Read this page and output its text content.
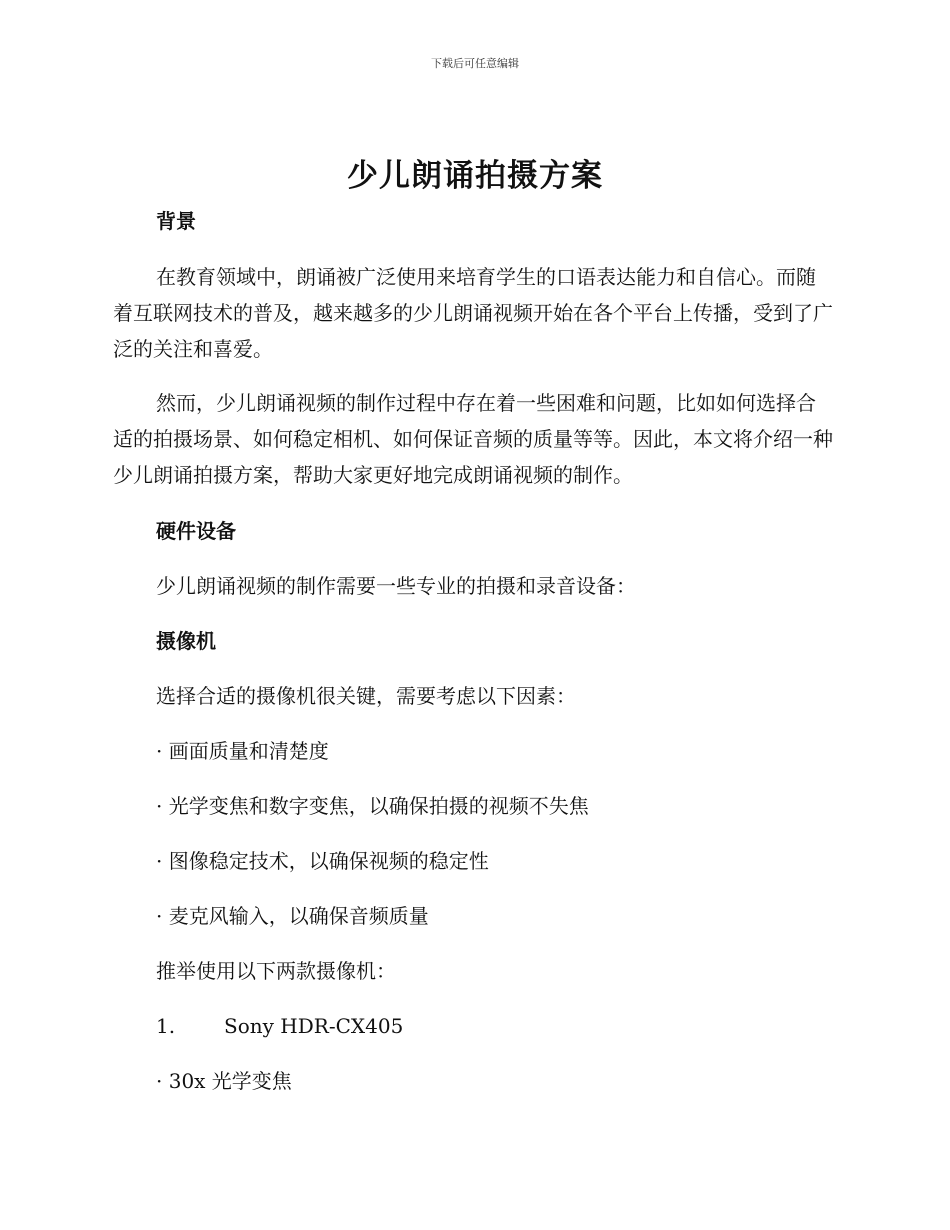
下载后可任意编辑
少儿朗诵拍摄方案
背景
在教育领域中，朗诵被广泛使用来培育学生的口语表达能力和自信心。而随着互联网技术的普及，越来越多的少儿朗诵视频开始在各个平台上传播，受到了广泛的关注和喜爱。
然而，少儿朗诵视频的制作过程中存在着一些困难和问题，比如如何选择合适的拍摄场景、如何稳定相机、如何保证音频的质量等等。因此，本文将介绍一种少儿朗诵拍摄方案，帮助大家更好地完成朗诵视频的制作。
硬件设备
少儿朗诵视频的制作需要一些专业的拍摄和录音设备：
摄像机
选择合适的摄像机很关键，需要考虑以下因素：
· 画面质量和清楚度
· 光学变焦和数字变焦，以确保拍摄的视频不失焦
· 图像稳定技术，以确保视频的稳定性
· 麦克风输入，以确保音频质量
推举使用以下两款摄像机：
1. Sony HDR-CX405
· 30x 光学变焦
